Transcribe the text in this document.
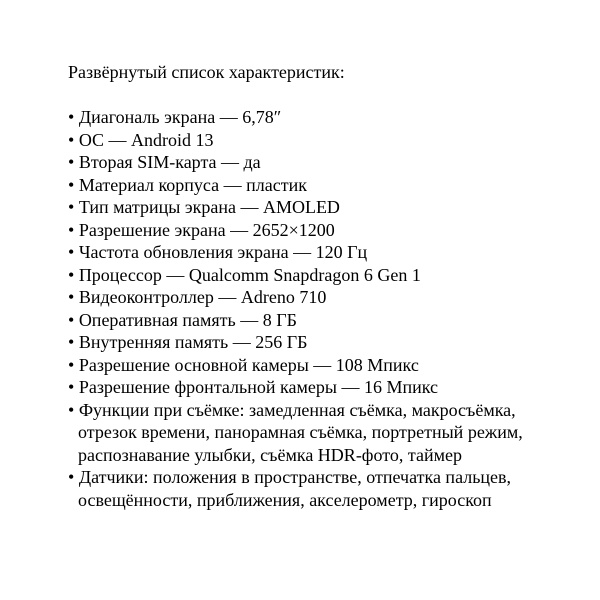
Развёрнутый список характеристик:
• Диагональ экрана — 6,78″
• ОС — Android 13
• Вторая SIM-карта — да
• Материал корпуса — пластик
• Тип матрицы экрана — AMOLED
• Разрешение экрана — 2652×1200
• Частота обновления экрана — 120 Гц
• Процессор — Qualcomm Snapdragon 6 Gen 1
• Видеоконтроллер — Adreno 710
• Оперативная память — 8 ГБ
• Внутренняя память — 256 ГБ
• Разрешение основной камеры — 108 Мпикс
• Разрешение фронтальной камеры — 16 Мпикс
• Функции при съёмке: замедленная съёмка, макросъёмка,
отрезок времени, панорамная съёмка, портретный режим,
распознавание улыбки, съёмка HDR-фото, таймер
• Датчики: положения в пространстве, отпечатка пальцев,
освещённости, приближения, акселерометр, гироскоп
